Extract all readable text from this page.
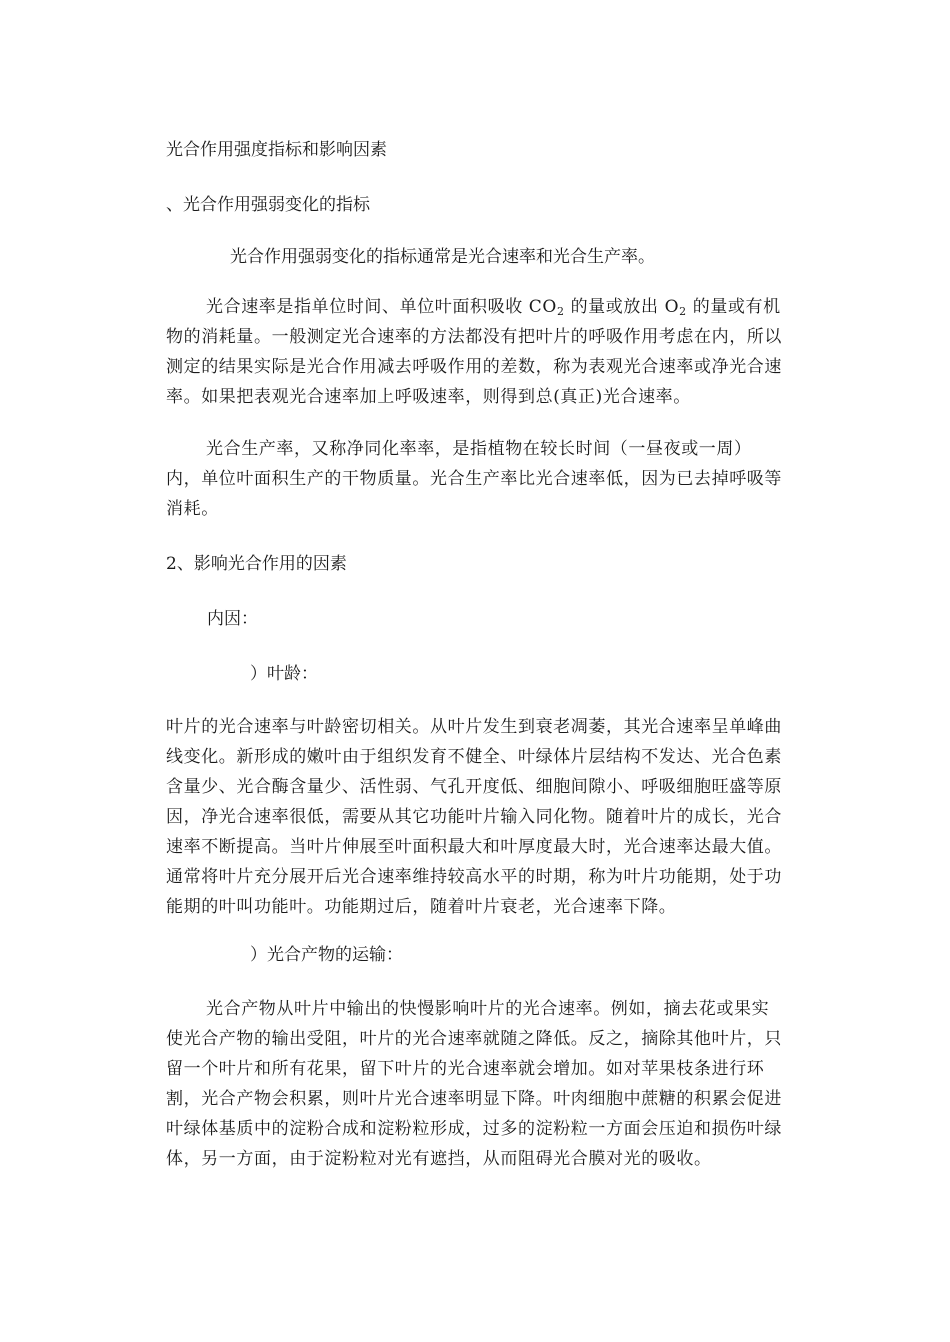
光合作用强度指标和影响因素
、光合作用强弱变化的指标
光合作用强弱变化的指标通常是光合速率和光合生产率。
光合速率是指单位时间、单位叶面积吸收 $CO_2$ 的量或放出 $O_2$ 的量或有机物的消耗量。一般测定光合速率的方法都没有把叶片的呼吸作用考虑在内，所以测定的结果实际是光合作用减去呼吸作用的差数，称为表观光合速率或净光合速率。如果把表观光合速率加上呼吸速率，则得到总(真正)光合速率。
光合生产率，又称净同化率率，是指植物在较长时间（一昼夜或一周）内，单位叶面积生产的干物质量。光合生产率比光合速率低，因为已去掉呼吸等消耗。
2、影响光合作用的因素
内因：
）叶龄：
叶片的光合速率与叶龄密切相关。从叶片发生到衰老凋萎，其光合速率呈单峰曲线变化。新形成的嫩叶由于组织发育不健全、叶绿体片层结构不发达、光合色素含量少、光合酶含量少、活性弱、气孔开度低、细胞间隙小、呼吸细胞旺盛等原因，净光合速率很低，需要从其它功能叶片输入同化物。随着叶片的成长，光合速率不断提高。当叶片伸展至叶面积最大和叶厚度最大时，光合速率达最大值。通常将叶片充分展开后光合速率维持较高水平的时期，称为叶片功能期，处于功能期的叶叫功能叶。功能期过后，随着叶片衰老，光合速率下降。
）光合产物的运输：
光合产物从叶片中输出的快慢影响叶片的光合速率。例如，摘去花或果实使光合产物的输出受阻，叶片的光合速率就随之降低。反之，摘除其他叶片，只留一个叶片和所有花果，留下叶片的光合速率就会增加。如对苹果枝条进行环割，光合产物会积累，则叶片光合速率明显下降。叶肉细胞中蔗糖的积累会促进叶绿体基质中的淀粉合成和淀粉粒形成，过多的淀粉粒一方面会压迫和损伤叶绿体，另一方面，由于淀粉粒对光有遮挡，从而阻碍光合膜对光的吸收。
